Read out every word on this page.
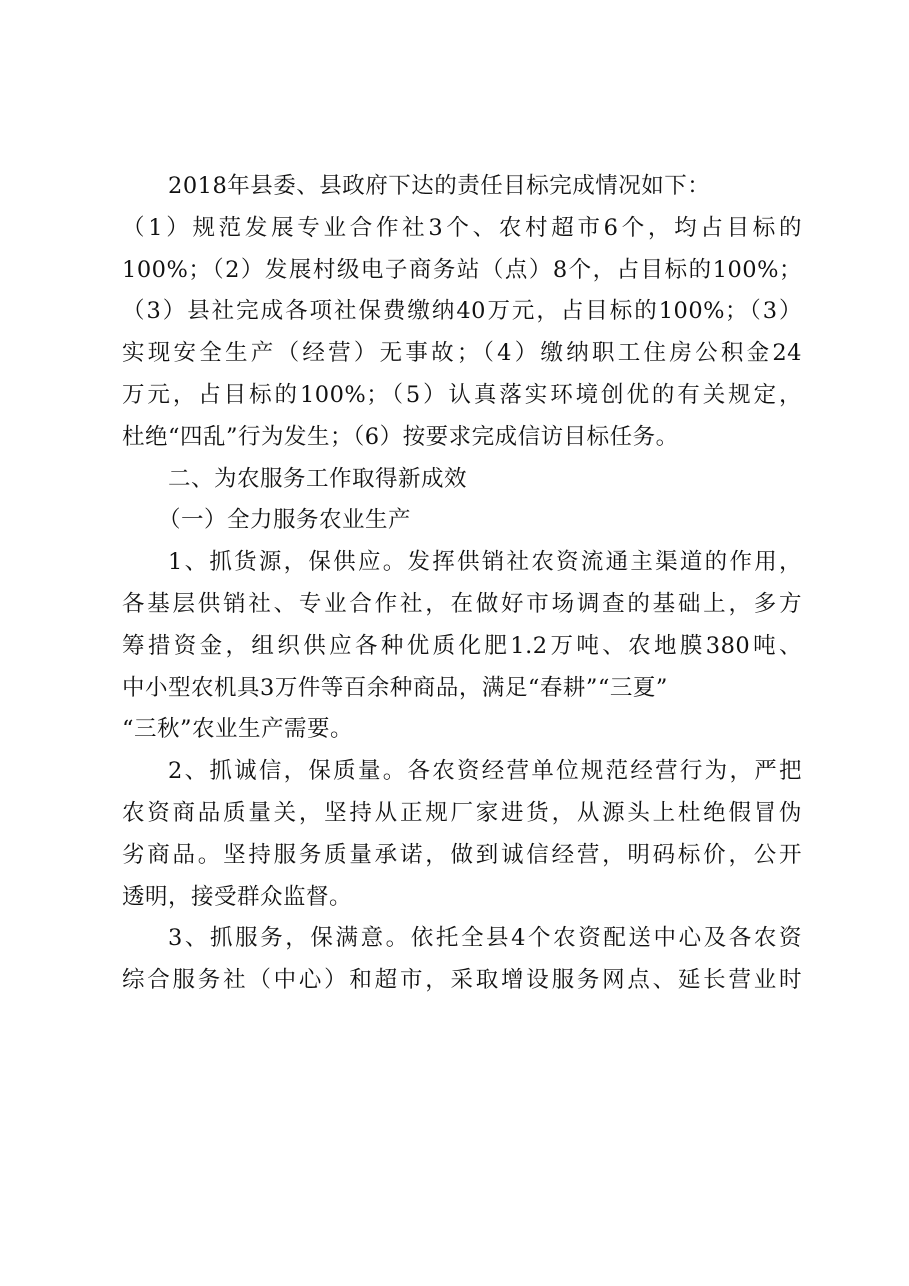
2018年县委、县政府下达的责任目标完成情况如下：
（1）规范发展专业合作社3个、农村超市6个，均占目标的
100%；（2）发展村级电子商务站（点）8个，占目标的100%；
（3）县社完成各项社保费缴纳40万元，占目标的100%；（3）
实现安全生产（经营）无事故；（4）缴纳职工住房公积金24
万元，占目标的100%；（5）认真落实环境创优的有关规定，
杜绝“四乱”行为发生；（6）按要求完成信访目标任务。
二、为农服务工作取得新成效
（一）全力服务农业生产
1、抓货源，保供应。发挥供销社农资流通主渠道的作用，
各基层供销社、专业合作社，在做好市场调查的基础上，多方
筹措资金，组织供应各种优质化肥1.2万吨、农地膜380吨、
中小型农机具3万件等百余种商品，满足“春耕”“三夏”
“三秋”农业生产需要。
2、抓诚信，保质量。各农资经营单位规范经营行为，严把
农资商品质量关，坚持从正规厂家进货，从源头上杜绝假冒伪
劣商品。坚持服务质量承诺，做到诚信经营，明码标价，公开
透明，接受群众监督。
3、抓服务，保满意。依托全县4个农资配送中心及各农资
综合服务社（中心）和超市，采取增设服务网点、延长营业时
